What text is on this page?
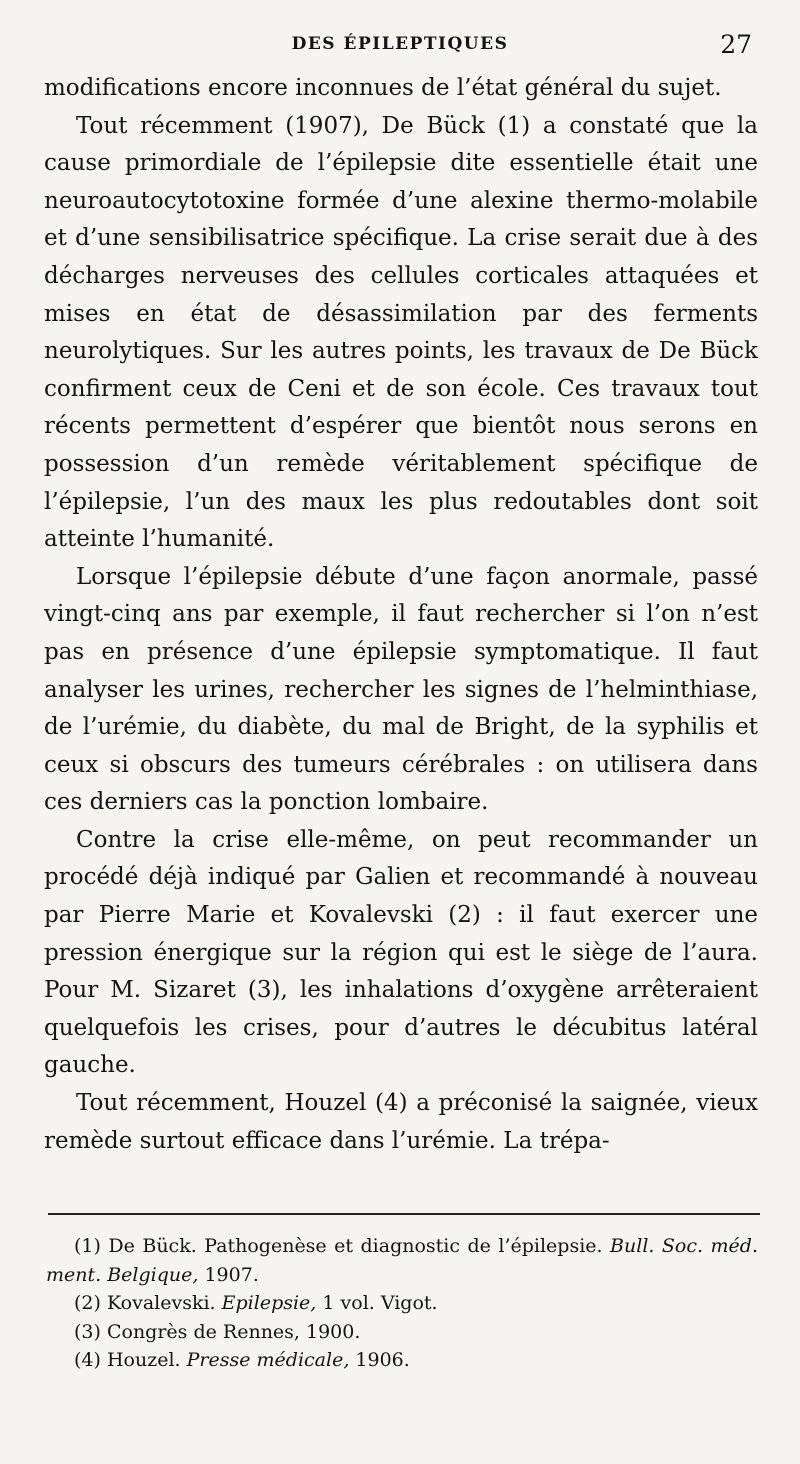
DES ÉPILEPTIQUES	27

modifications encore inconnues de l’état général du sujet.

Tout récemment (1907), De Bück (1) a constaté que la cause primordiale de l’épilepsie dite essentielle était une neuroautocytotoxine formée d’une alexine thermo-molabile et d’une sensibilisatrice spécifique. La crise serait due à des décharges nerveuses des cellules corticales attaquées et mises en état de désassimilation par des ferments neurolytiques. Sur les autres points, les travaux de De Bück confirment ceux de Ceni et de son école. Ces travaux tout récents permettent d’espérer que bientôt nous serons en possession d’un remède véritablement spécifique de l’épilepsie, l’un des maux les plus redoutables dont soit atteinte l’humanité.

Lorsque l’épilepsie débute d’une façon anormale, passé vingt-cinq ans par exemple, il faut rechercher si l’on n’est pas en présence d’une épilepsie symptomatique. Il faut analyser les urines, rechercher les signes de l’helminthiase, de l’urémie, du diabète, du mal de Bright, de la syphilis et ceux si obscurs des tumeurs cérébrales : on utilisera dans ces derniers cas la ponction lombaire.

Contre la crise elle-même, on peut recommander un procédé déjà indiqué par Galien et recommandé à nouveau par Pierre Marie et Kovalevski (2) : il faut exercer une pression énergique sur la région qui est le siège de l’aura. Pour M. Sizaret (3), les inhalations d’oxygène arrêteraient quelquefois les crises, pour d’autres le décubitus latéral gauche.

Tout récemment, Houzel (4) a préconisé la saignée, vieux remède surtout efficace dans l’urémie. La trépa-

(1) De Bück. Pathogenèse et diagnostic de l’épilepsie. Bull. Soc. méd. ment. Belgique, 1907.

(2) Kovalevski. Epilepsie, 1 vol. Vigot.

(3) Congrès de Rennes, 1900.

(4) Houzel. Presse médicale, 1906.
